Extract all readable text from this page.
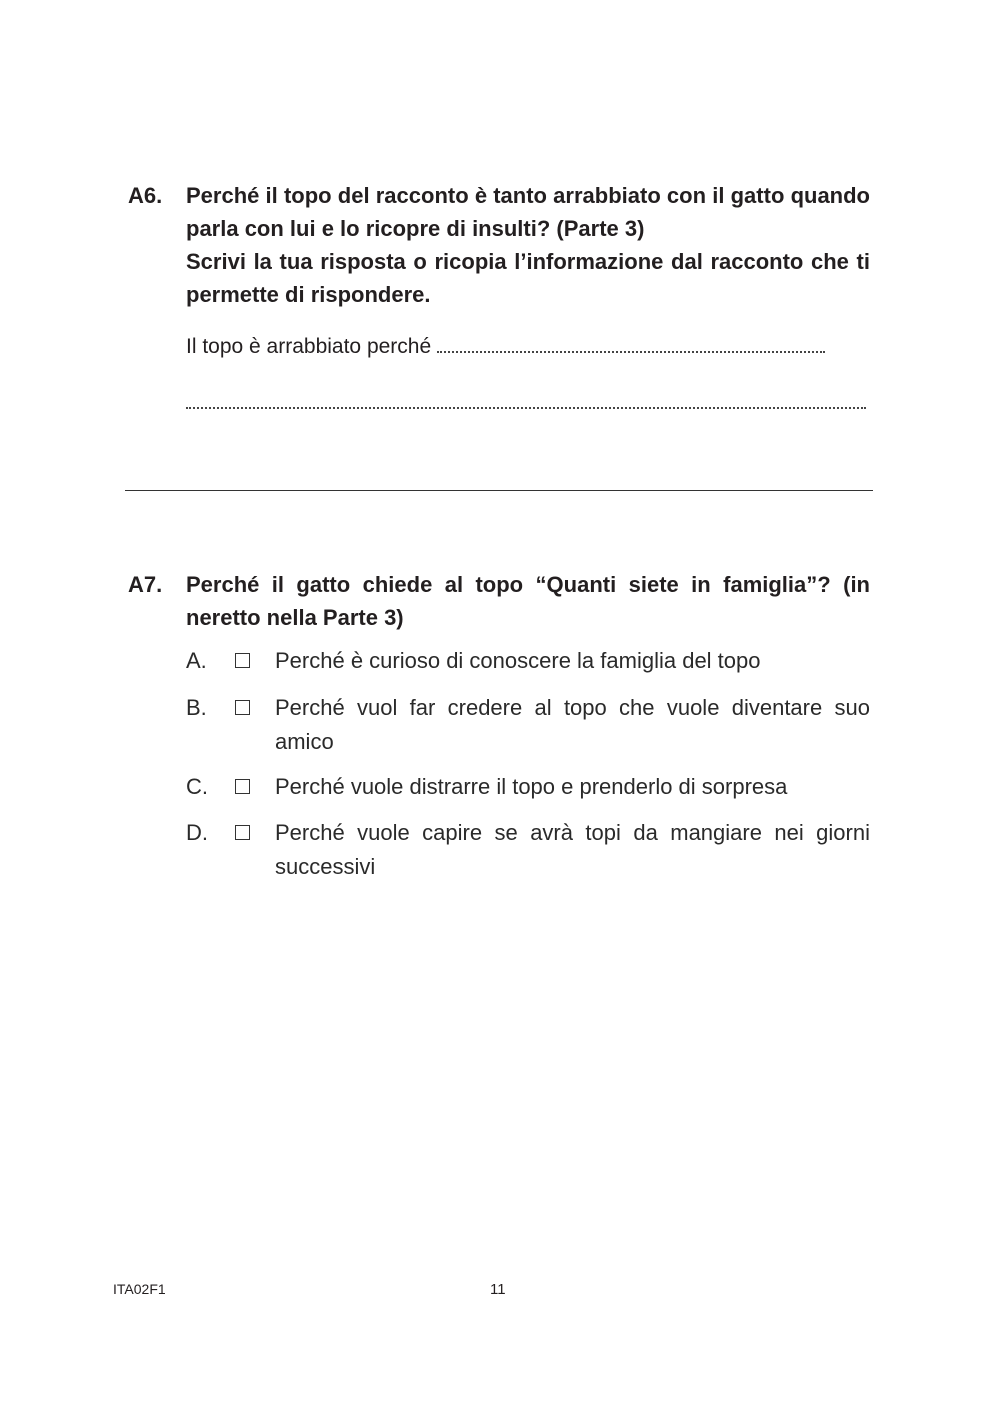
A6. Perché il topo del racconto è tanto arrabbiato con il gatto quando parla con lui e lo ricopre di insulti? (Parte 3)
Scrivi la tua risposta o ricopia l’informazione dal racconto che ti permette di rispondere.
Il topo è arrabbiato perché
A7. Perché il gatto chiede al topo “Quanti siete in famiglia”? (in neretto nella Parte 3)
A.	Perché è curioso di conoscere la famiglia del topo
B.	Perché vuol far credere al topo che vuole diventare suo amico
C.	Perché vuole distrarre il topo e prenderlo di sorpresa
D.	Perché vuole capire se avrà topi da mangiare nei giorni successivi
ITA02F1	11
